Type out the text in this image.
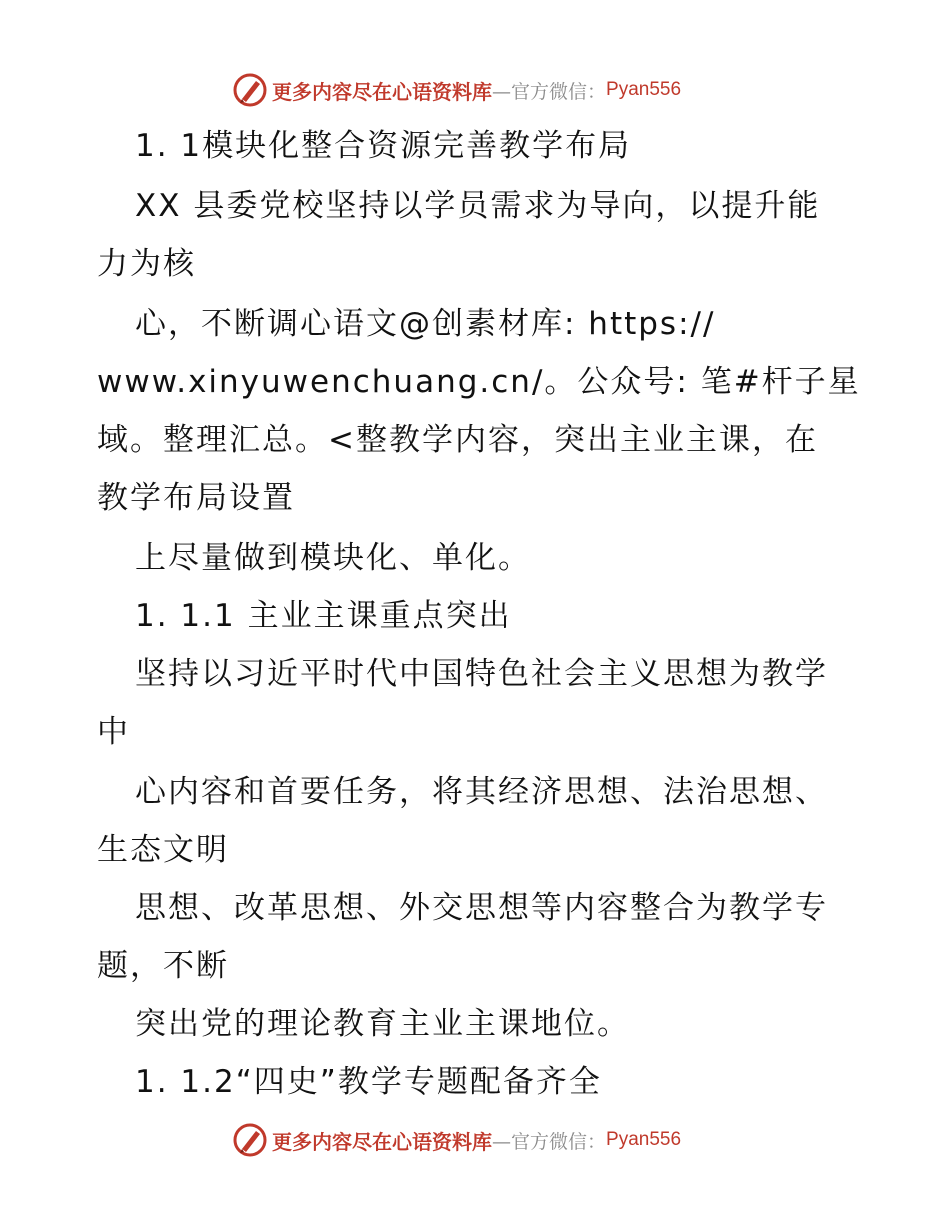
更多内容尽在心语资料库 —官方微信： Pyan556
1. 1模块化整合资源完善教学布局
XX 县委党校坚持以学员需求为导向，以提升能
力为核
心，不断调心语文@创素材库: https://
www.xinyuwenchuang.cn/。公众号: 笔#杆子星
域。整理汇总。<整教学内容，突出主业主课，在
教学布局设置
上尽量做到模块化、单化。
1. 1.1 主业主课重点突出
坚持以习近平时代中国特色社会主义思想为教学
中
心内容和首要任务，将其经济思想、法治思想、
生态文明
思想、改革思想、外交思想等内容整合为教学专
题，不断
突出党的理论教育主业主课地位。
1. 1.2“四史”教学专题配备齐全
更多内容尽在心语资料库 —官方微信： Pyan556
